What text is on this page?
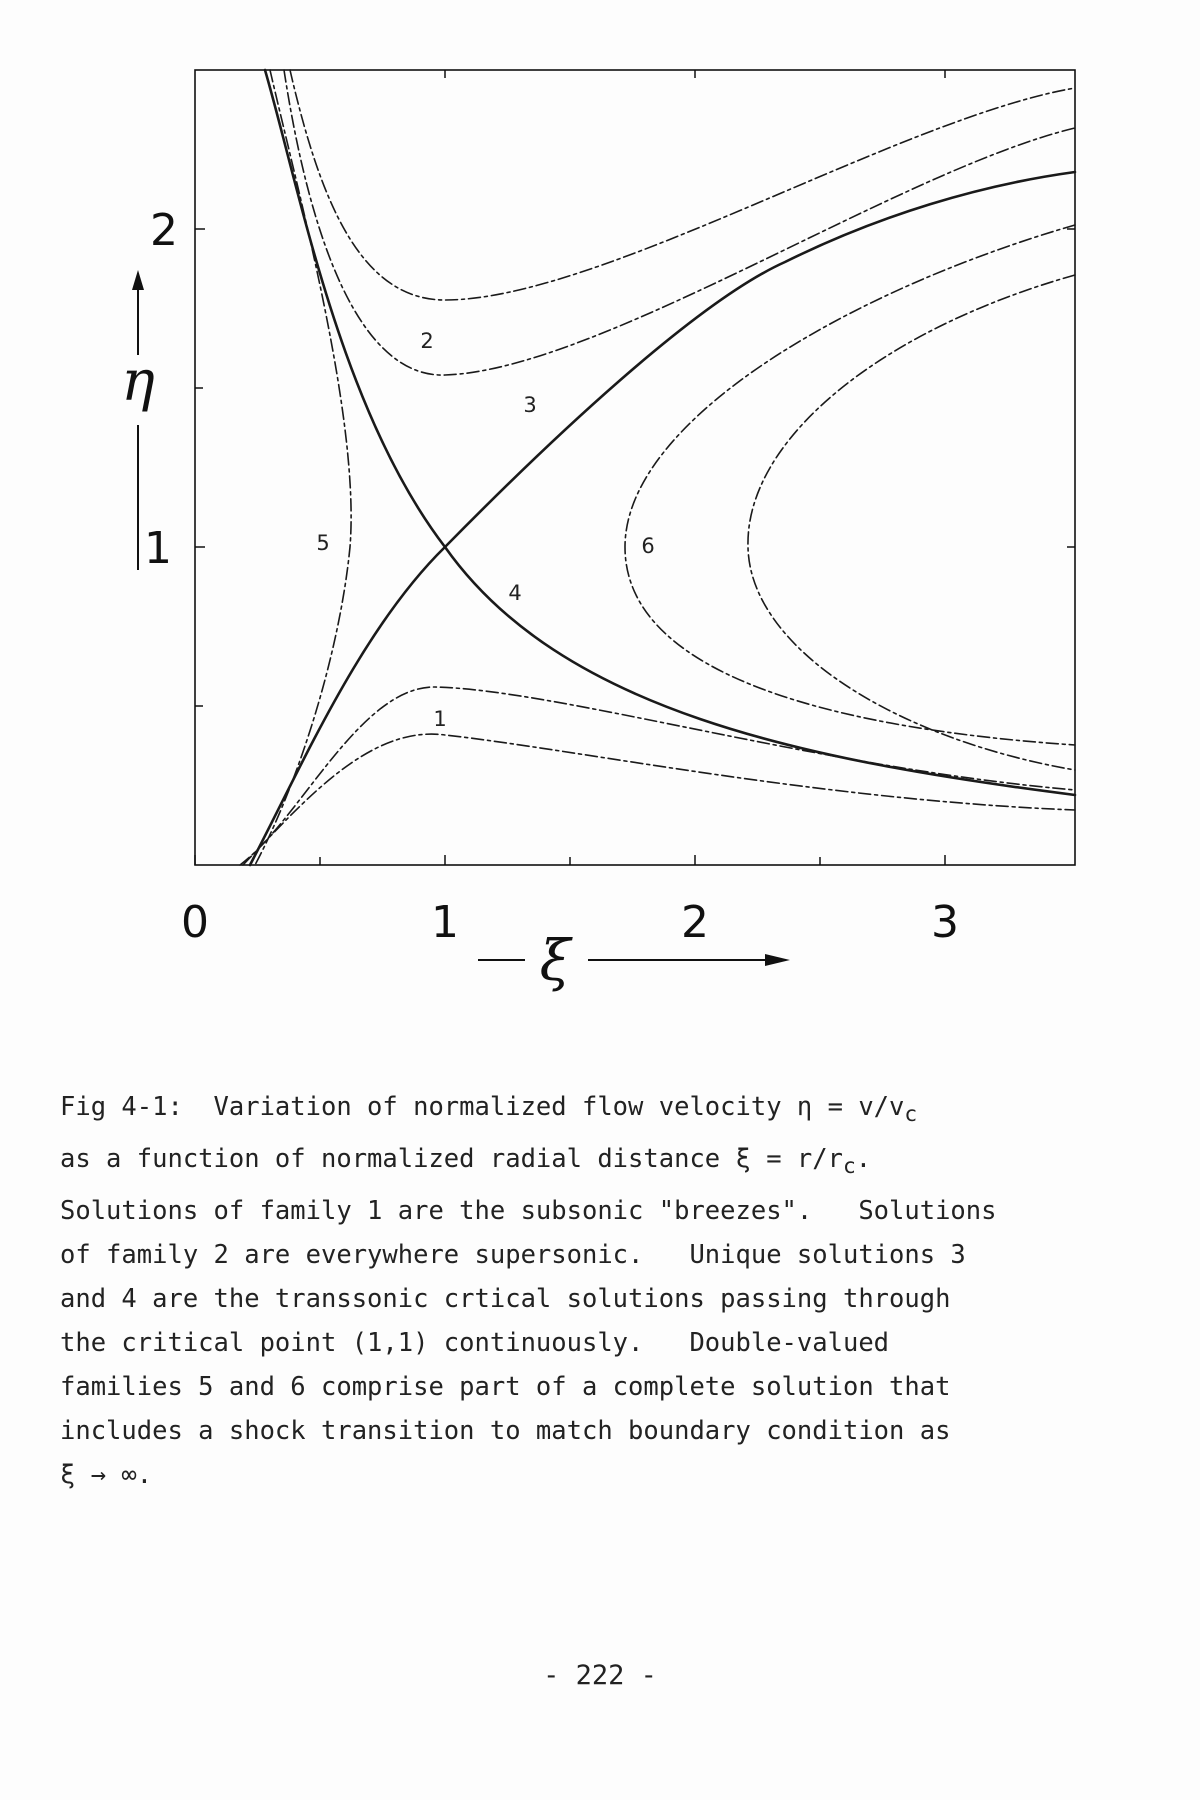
0	1	2	3
1
2
η
ξ
1
2
3
4
5	6
Fig 4-1:  Variation of normalized flow velocity $\eta = v/v_c$
as a function of normalized radial distance $\xi = r/r_c$.
Solutions of family 1 are the subsonic "breezes".   Solutions
of family 2 are everywhere supersonic.   Unique solutions 3
and 4 are the transsonic crtical solutions passing through
the critical point (1,1) continuously.   Double-valued
families 5 and 6 comprise part of a complete solution that
includes a shock transition to match boundary condition as
ξ → ∞.
- 222 -
